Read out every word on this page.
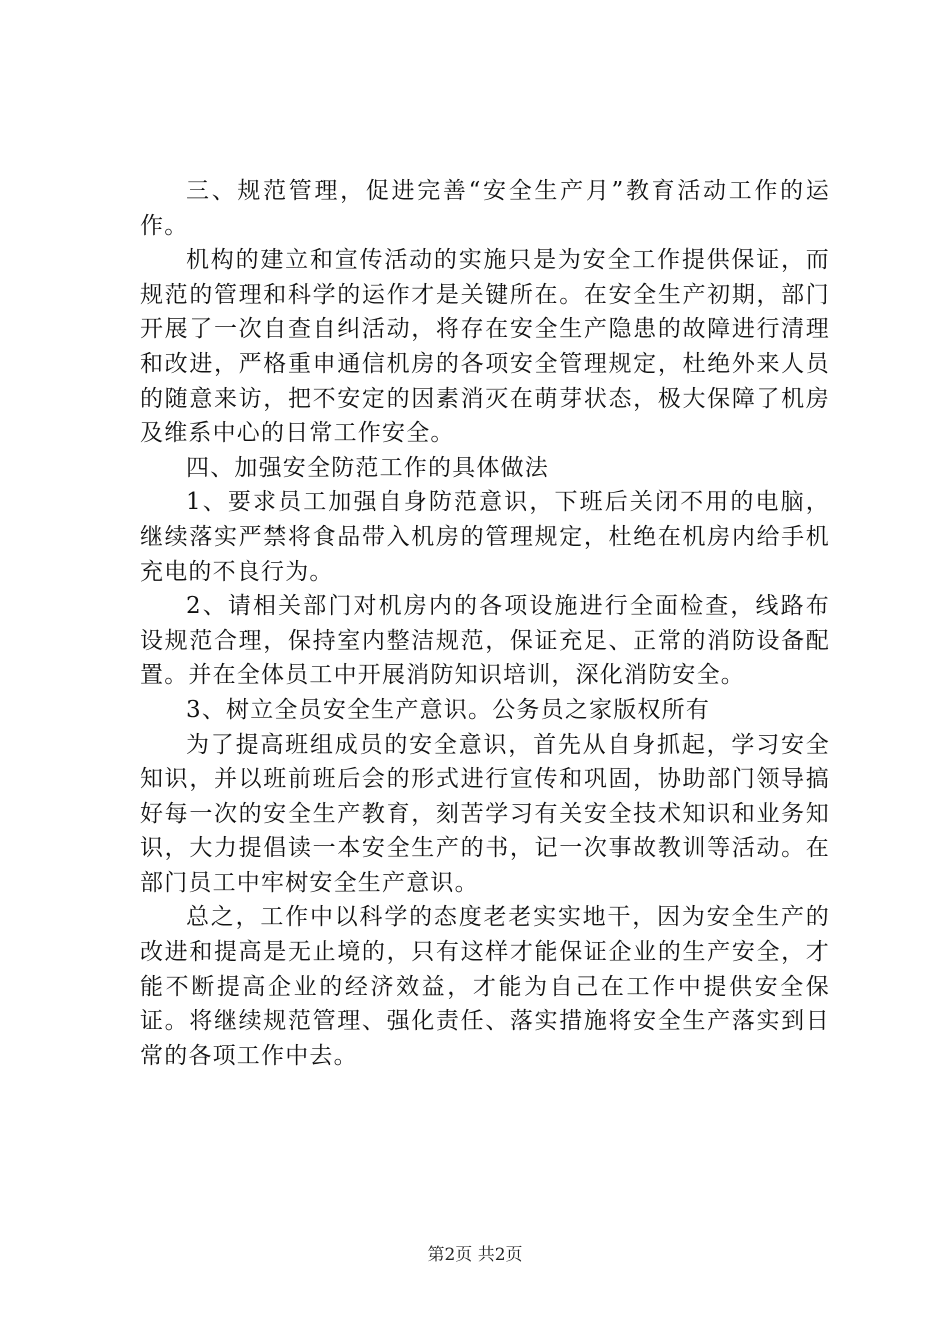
三、规范管理，促进完善“安全生产月”教育活动工作的运作。

机构的建立和宣传活动的实施只是为安全工作提供保证，而规范的管理和科学的运作才是关键所在。在安全生产初期，部门开展了一次自查自纠活动，将存在安全生产隐患的故障进行清理和改进，严格重申通信机房的各项安全管理规定，杜绝外来人员的随意来访，把不安定的因素消灭在萌芽状态，极大保障了机房及维系中心的日常工作安全。

四、加强安全防范工作的具体做法

1、要求员工加强自身防范意识，下班后关闭不用的电脑，继续落实严禁将食品带入机房的管理规定，杜绝在机房内给手机充电的不良行为。

2、请相关部门对机房内的各项设施进行全面检查，线路布设规范合理，保持室内整洁规范，保证充足、正常的消防设备配置。并在全体员工中开展消防知识培训，深化消防安全。

3、树立全员安全生产意识。公务员之家版权所有

为了提高班组成员的安全意识，首先从自身抓起，学习安全知识，并以班前班后会的形式进行宣传和巩固，协助部门领导搞好每一次的安全生产教育，刻苦学习有关安全技术知识和业务知识，大力提倡读一本安全生产的书，记一次事故教训等活动。在部门员工中牢树安全生产意识。

总之，工作中以科学的态度老老实实地干，因为安全生产的改进和提高是无止境的，只有这样才能保证企业的生产安全，才能不断提高企业的经济效益，才能为自己在工作中提供安全保证。将继续规范管理、强化责任、落实措施将安全生产落实到日常的各项工作中去。

第2页 共2页
